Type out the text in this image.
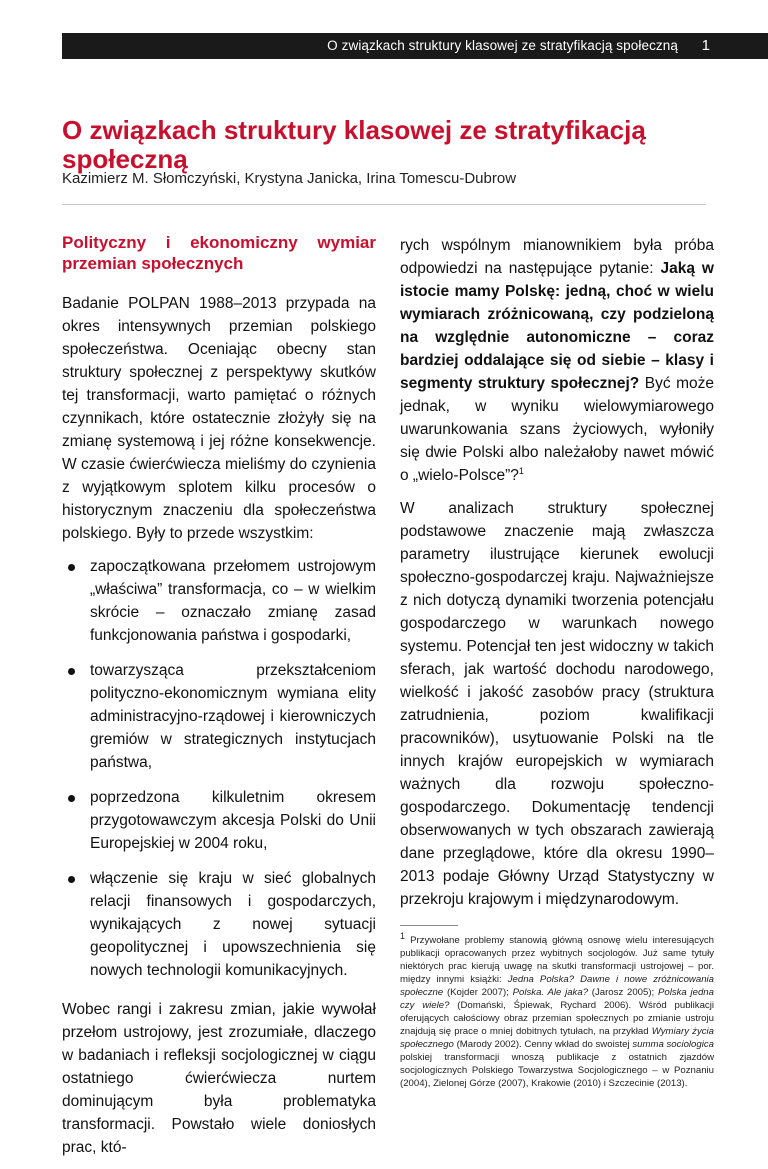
O związkach struktury klasowej ze stratyfikacją społeczną 1
O związkach struktury klasowej ze stratyfikacją społeczną
Kazimierz M. Słomczyński, Krystyna Janicka, Irina Tomescu-Dubrow
Polityczny i ekonomiczny wymiar przemian społecznych

Badanie POLPAN 1988–2013 przypada na okres intensywnych przemian polskiego społeczeństwa. Oceniając obecny stan struktury społecznej z perspektywy skutków tej transformacji, warto pamiętać o różnych czynnikach, które ostatecznie złożyły się na zmianę systemową i jej różne konsekwencje. W czasie ćwierćwiecza mieliśmy do czynienia z wyjątkowym splotem kilku procesów o historycznym znaczeniu dla społeczeństwa polskiego. Były to przede wszystkim:

zapoczątkowana przełomem ustrojowym „właściwa” transformacja, co – w wielkim skrócie – oznaczało zmianę zasad funkcjonowania państwa i gospodarki,
towarzysząca przekształceniom polityczno-ekonomicznym wymiana elity administracyjno-rządowej i kierowniczych gremiów w strategicznych instytucjach państwa,
poprzedzona kilkuletnim okresem przygotowawczym akcesja Polski do Unii Europejskiej w 2004 roku,
włączenie się kraju w sieć globalnych relacji finansowych i gospodarczych, wynikających z nowej sytuacji geopolitycznej i upowszechnienia się nowych technologii komunikacyjnych.

Wobec rangi i zakresu zmian, jakie wywołał przełom ustrojowy, jest zrozumiałe, dlaczego w badaniach i refleksji socjologicznej w ciągu ostatniego ćwierćwiecza nurtem dominującym była problematyka transformacji. Powstało wiele doniosłych prac, któ-

rych wspólnym mianownikiem była próba odpowiedzi na następujące pytanie: Jaką w istocie mamy Polskę: jedną, choć w wielu wymiarach zróżnicowaną, czy podzieloną na względnie autonomiczne – coraz bardziej oddalające się od siebie – klasy i segmenty struktury społecznej? Być może jednak, w wyniku wielowymiarowego uwarunkowania szans życiowych, wyłoniły się dwie Polski albo należałoby nawet mówić o „wielo-Polsce”?$^1$

W analizach struktury społecznej podstawowe znaczenie mają zwłaszcza parametry ilustrujące kierunek ewolucji społeczno-gospodarczej kraju. Najważniejsze z nich dotyczą dynamiki tworzenia potencjału gospodarczego w warunkach nowego systemu. Potencjał ten jest widoczny w takich sferach, jak wartość dochodu narodowego, wielkość i jakość zasobów pracy (struktura zatrudnienia, poziom kwalifikacji pracowników), usytuowanie Polski na tle innych krajów europejskich w wymiarach ważnych dla rozwoju społeczno-gospodarczego. Dokumentację tendencji obserwowanych w tych obszarach zawierają dane przeglądowe, które dla okresu 1990–2013 podaje Główny Urząd Statystyczny w przekroju krajowym i międzynarodowym.

$^1$ Przywołane problemy stanowią główną osnowę wielu interesujących publikacji opracowanych przez wybitnych socjologów. Już same tytuły niektórych prac kierują uwagę na skutki transformacji ustrojowej – por. między innymi książki: Jedna Polska? Dawne i nowe zróżnicowania społeczne (Kojder 2007); Polska. Ale jaka? (Jarosz 2005); Polska jedna czy wiele? (Domański, Śpiewak, Rychard 2006). Wśród publikacji oferujących całościowy obraz przemian społecznych po zmianie ustroju znajdują się prace o mniej dobitnych tytułach, na przykład Wymiary życia społecznego (Marody 2002). Cenny wkład do swoistej summa sociologica polskiej transformacji wnoszą publikacje z ostatnich zjazdów socjologicznych Polskiego Towarzystwa Socjologicznego – w Poznaniu (2004), Zielonej Górze (2007), Krakowie (2010) i Szczecinie (2013).
